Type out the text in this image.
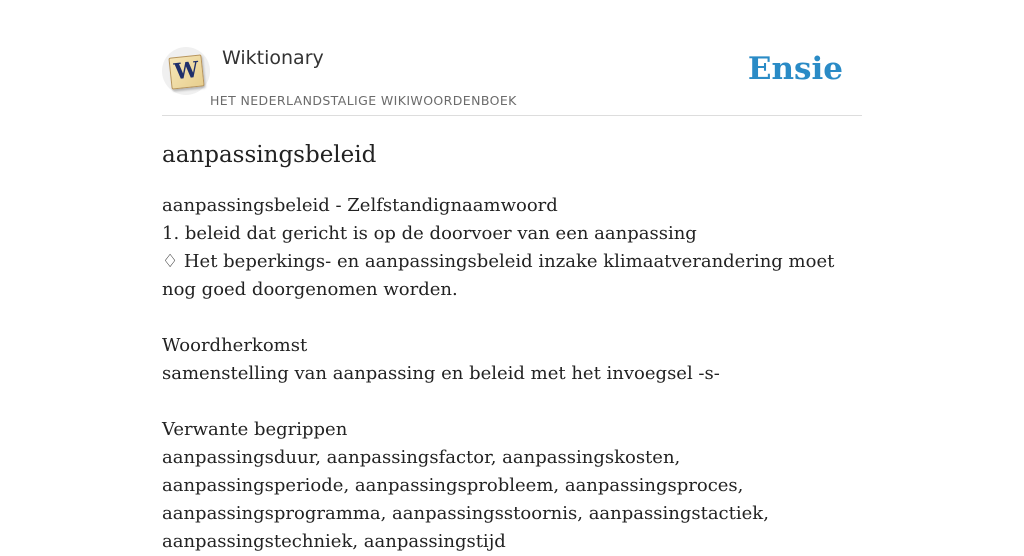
W Wiktionary
HET NEDERLANDSTALIGE WIKIWOORDENBOEK
Ensie
aanpassingsbeleid

aanpassingsbeleid - Zelfstandignaamwoord

1. beleid dat gericht is op de doorvoer van een aanpassing

♢ Het beperkings- en aanpassingsbeleid inzake klimaatverandering moet nog goed doorgenomen worden.

Woordherkomst

samenstelling van aanpassing en beleid met het invoegsel -s-

Verwante begrippen

aanpassingsduur, aanpassingsfactor, aanpassingskosten, aanpassingsperiode, aanpassingsprobleem, aanpassingsproces, aanpassingsprogramma, aanpassingsstoornis, aanpassingstactiek, aanpassingstechniek, aanpassingstijd
